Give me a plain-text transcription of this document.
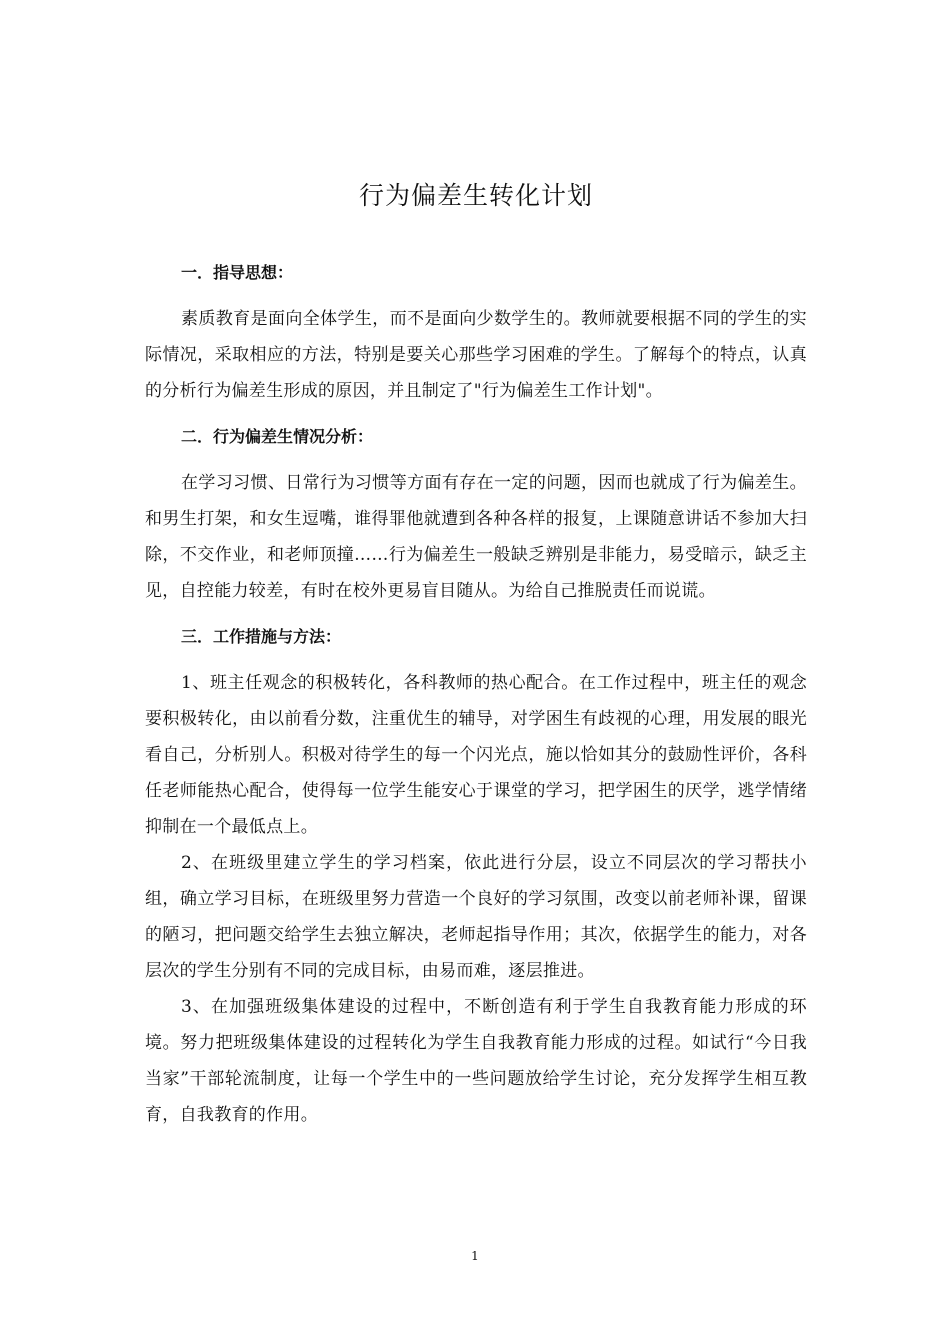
行为偏差生转化计划
一．指导思想：

素质教育是面向全体学生，而不是面向少数学生的。教师就要根据不同的学生的实际情况，采取相应的方法，特别是要关心那些学习困难的学生。了解每个的特点，认真的分析行为偏差生形成的原因，并且制定了"行为偏差生工作计划"。

二．行为偏差生情况分析：

在学习习惯、日常行为习惯等方面有存在一定的问题，因而也就成了行为偏差生。和男生打架，和女生逗嘴，谁得罪他就遭到各种各样的报复，上课随意讲话不参加大扫除，不交作业，和老师顶撞……行为偏差生一般缺乏辨别是非能力，易受暗示，缺乏主见，自控能力较差，有时在校外更易盲目随从。为给自己推脱责任而说谎。

三．工作措施与方法：

1、班主任观念的积极转化，各科教师的热心配合。在工作过程中，班主任的观念要积极转化，由以前看分数，注重优生的辅导，对学困生有歧视的心理，用发展的眼光看自己，分析别人。积极对待学生的每一个闪光点，施以恰如其分的鼓励性评价，各科任老师能热心配合，使得每一位学生能安心于课堂的学习，把学困生的厌学，逃学情绪抑制在一个最低点上。

2、在班级里建立学生的学习档案，依此进行分层，设立不同层次的学习帮扶小组，确立学习目标，在班级里努力营造一个良好的学习氛围，改变以前老师补课，留课的陋习，把问题交给学生去独立解决，老师起指导作用；其次，依据学生的能力，对各层次的学生分别有不同的完成目标，由易而难，逐层推进。

3、在加强班级集体建设的过程中，不断创造有利于学生自我教育能力形成的环境。努力把班级集体建设的过程转化为学生自我教育能力形成的过程。如试行“今日我当家”干部轮流制度，让每一个学生中的一些问题放给学生讨论，充分发挥学生相互教育，自我教育的作用。

1
